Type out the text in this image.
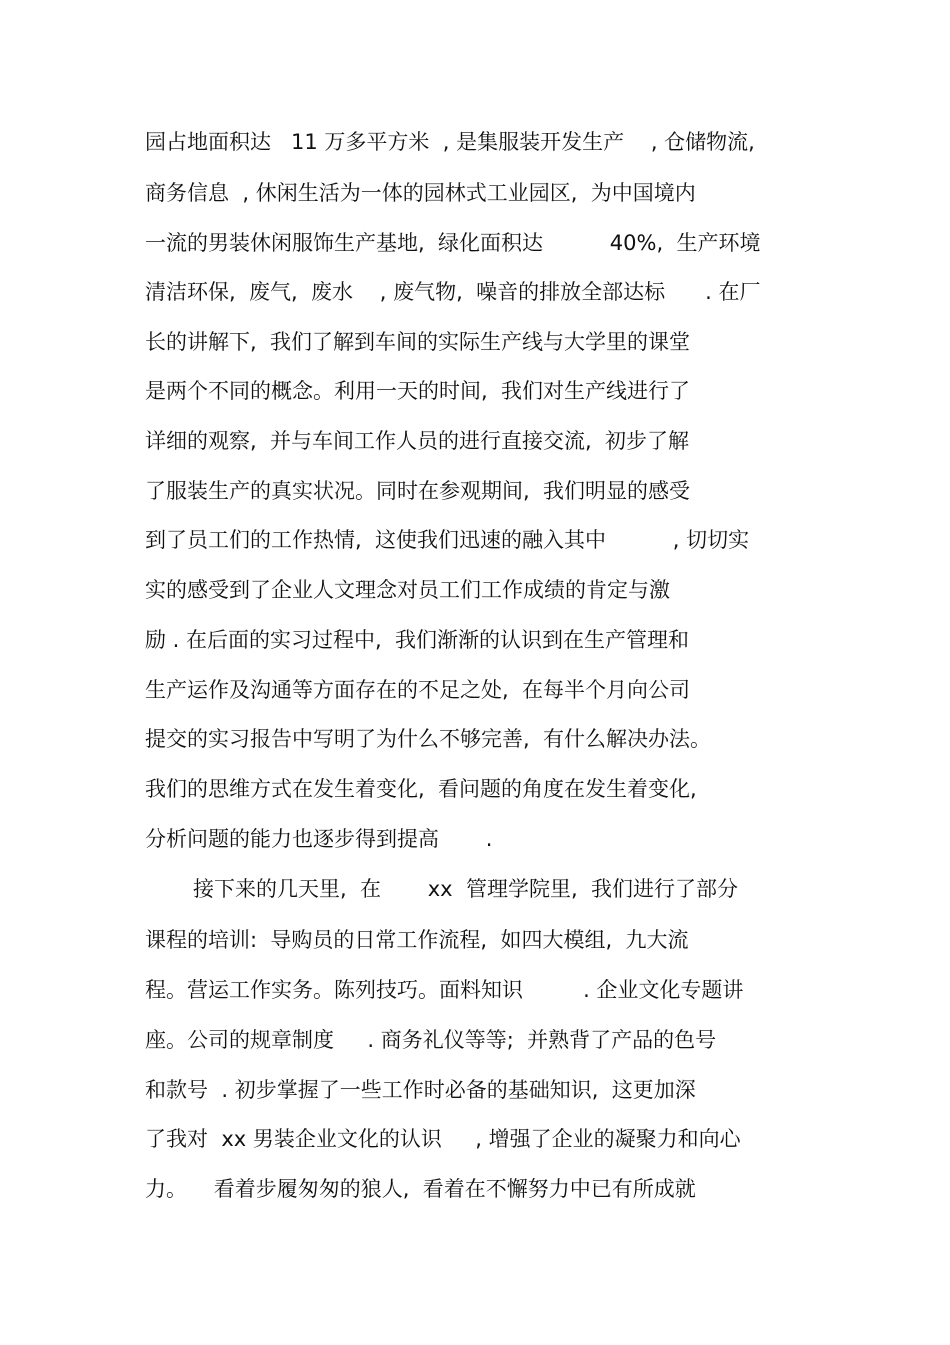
园占地面积达   11 万多平方米  , 是集服装开发生产    , 仓储物流,
商务信息  , 休闲生活为一体的园林式工业园区,  为中国境内
一流的男装休闲服饰生产基地,  绿化面积达          40%,  生产环境
清洁环保,  废气,  废水    , 废气物,  噪音的排放全部达标      . 在厂
长的讲解下,  我们了解到车间的实际生产线与大学里的课堂
是两个不同的概念。利用一天的时间,  我们对生产线进行了
详细的观察,  并与车间工作人员的进行直接交流,  初步了解
了服装生产的真实状况。同时在参观期间,  我们明显的感受
到了员工们的工作热情,  这使我们迅速的融入其中          , 切切实
实的感受到了企业人文理念对员工们工作成绩的肯定与激
励 . 在后面的实习过程中,  我们渐渐的认识到在生产管理和
生产运作及沟通等方面存在的不足之处,  在每半个月向公司
提交的实习报告中写明了为什么不够完善,  有什么解决办法。
我们的思维方式在发生着变化,  看问题的角度在发生着变化,
分析问题的能力也逐步得到提高       .
接下来的几天里,  在       xx  管理学院里,  我们进行了部分
课程的培训:  导购员的日常工作流程,  如四大模组,  九大流
程。营运工作实务。陈列技巧。面料知识         . 企业文化专题讲
座。公司的规章制度     . 商务礼仪等等;  并熟背了产品的色号
和款号  . 初步掌握了一些工作时必备的基础知识,  这更加深
了我对  xx 男装企业文化的认识     , 增强了企业的凝聚力和向心
力。    看着步履匆匆的狼人,  看着在不懈努力中已有所成就
